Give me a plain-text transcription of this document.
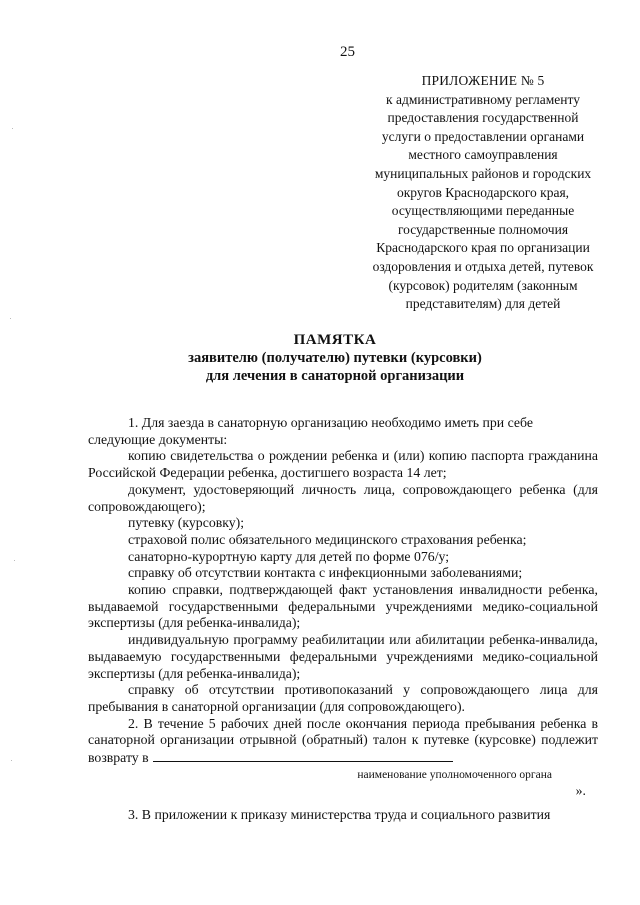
25
ПРИЛОЖЕНИЕ № 5
к административному регламенту
предоставления государственной
услуги о предоставлении органами
местного самоуправления
муниципальных районов и городских
округов Краснодарского края,
осуществляющими переданные
государственные полномочия
Краснодарского края по организации
оздоровления и отдыха детей, путевок
(курсовок) родителям (законным
представителям) для детей
ПАМЯТКА
заявителю (получателю) путевки (курсовки)
для лечения в санаторной организации

1. Для заезда в санаторную организацию необходимо иметь при себе

следующие документы:

копию свидетельства о рождении ребенка и (или) копию паспорта гражданина Российской Федерации ребенка, достигшего возраста 14 лет;

документ, удостоверяющий личность лица, сопровождающего ребенка (для сопровождающего);

путевку (курсовку);

страховой полис обязательного медицинского страхования ребенка;

санаторно-курортную карту для детей по форме 076/у;

справку об отсутствии контакта с инфекционными заболеваниями;

копию справки, подтверждающей факт установления инвалидности ребенка, выдаваемой государственными федеральными учреждениями медико-социальной экспертизы (для ребенка-инвалида);

индивидуальную программу реабилитации или абилитации ребенка-инвалида, выдаваемую государственными федеральными учреждениями медико-социальной экспертизы (для ребенка-инвалида);

справку об отсутствии противопоказаний у сопровождающего лица для пребывания в санаторной организации (для сопровождающего).

2. В течение 5 рабочих дней после окончания периода пребывания ребенка в санаторной организации отрывной (обратный) талон к путевке (курсовке) подлежит возврату в

наименование уполномоченного органа
».

3. В приложении к приказу министерства труда и социального развития
